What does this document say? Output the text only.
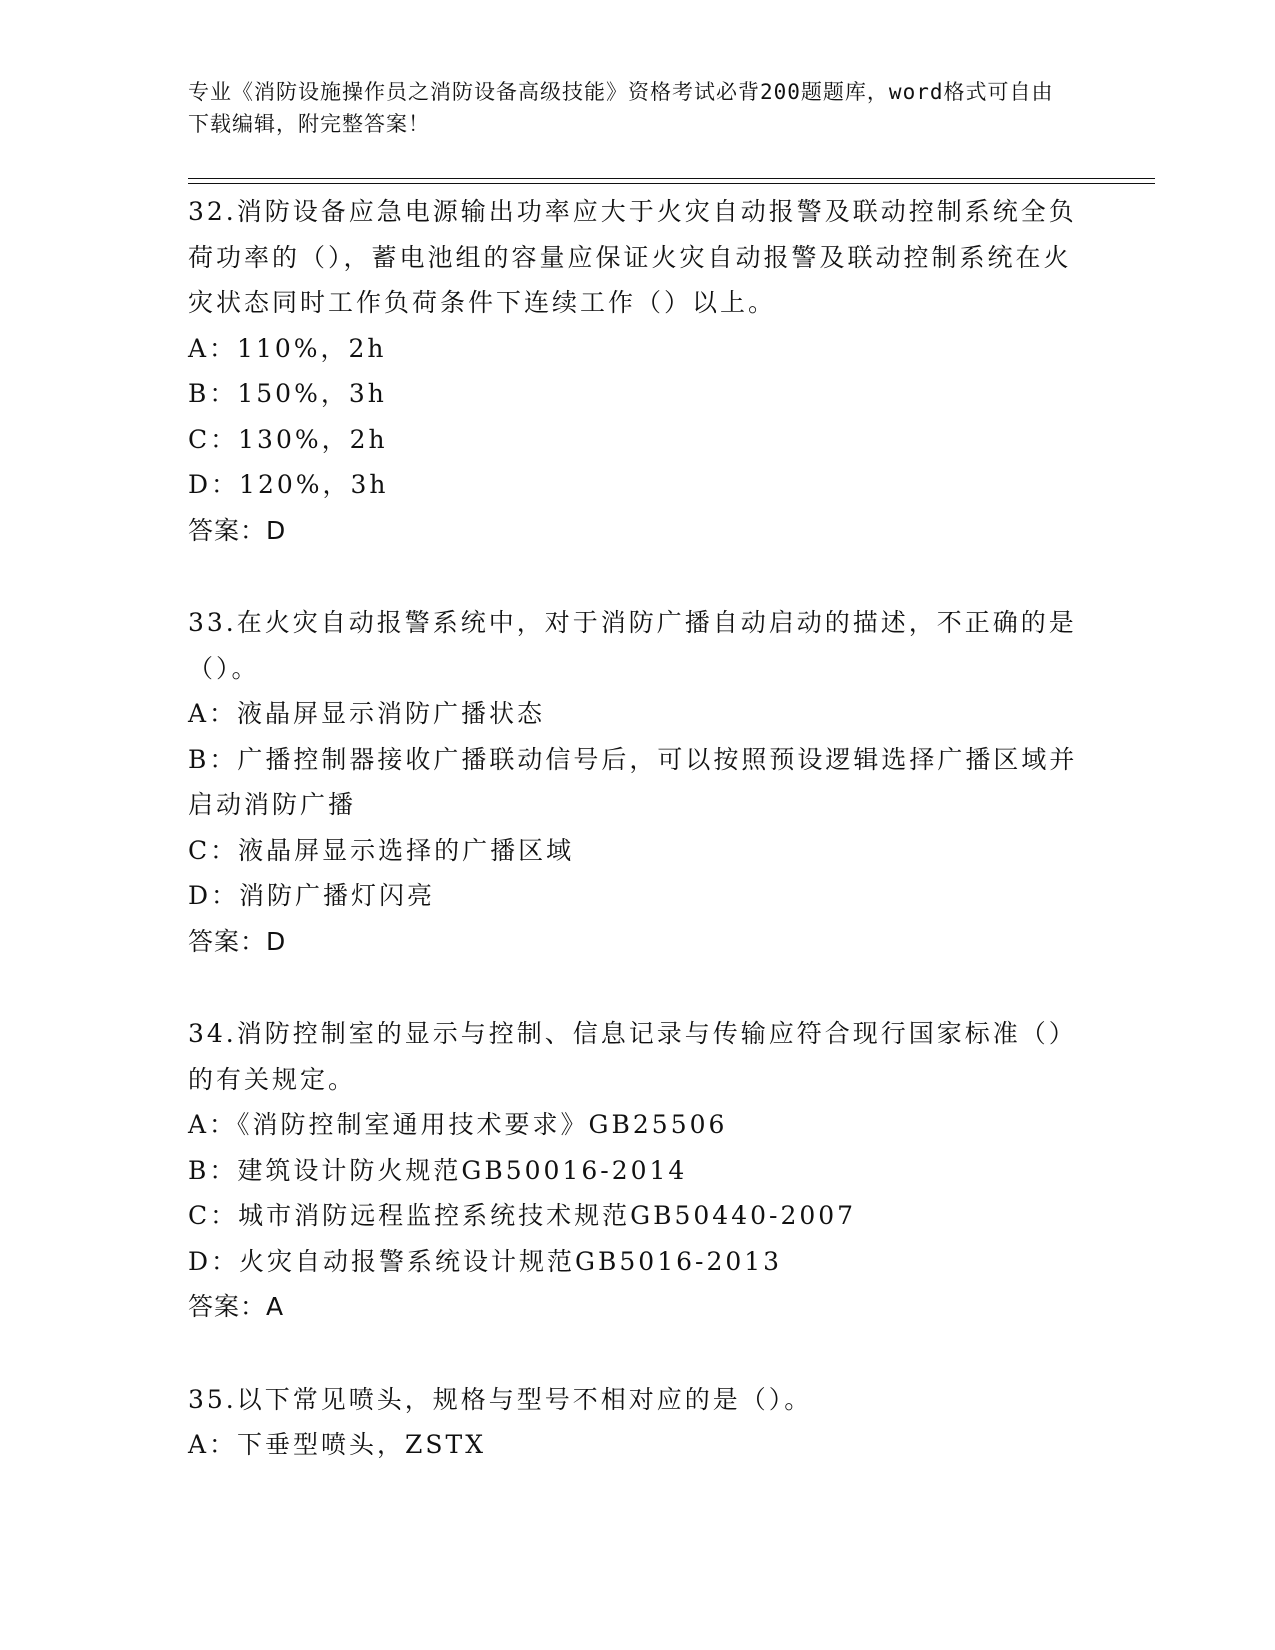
专业《消防设施操作员之消防设备高级技能》资格考试必背200题题库，word格式可自由下载编辑，附完整答案！

32.消防设备应急电源输出功率应大于火灾自动报警及联动控制系统全负荷功率的（），蓄电池组的容量应保证火灾自动报警及联动控制系统在火灾状态同时工作负荷条件下连续工作（）以上。

A：110%，2h

B：150%，3h

C：130%，2h

D：120%，3h

答案：D

33.在火灾自动报警系统中，对于消防广播自动启动的描述，不正确的是（）。

A：液晶屏显示消防广播状态

B：广播控制器接收广播联动信号后，可以按照预设逻辑选择广播区域并启动消防广播

C：液晶屏显示选择的广播区域

D：消防广播灯闪亮

答案：D

34.消防控制室的显示与控制、信息记录与传输应符合现行国家标准（）的有关规定。

A：《消防控制室通用技术要求》GB25506

B：建筑设计防火规范GB50016-2014

C：城市消防远程监控系统技术规范GB50440-2007

D：火灾自动报警系统设计规范GB5016-2013

答案：A

35.以下常见喷头，规格与型号不相对应的是（）。

A：下垂型喷头，ZSTX
